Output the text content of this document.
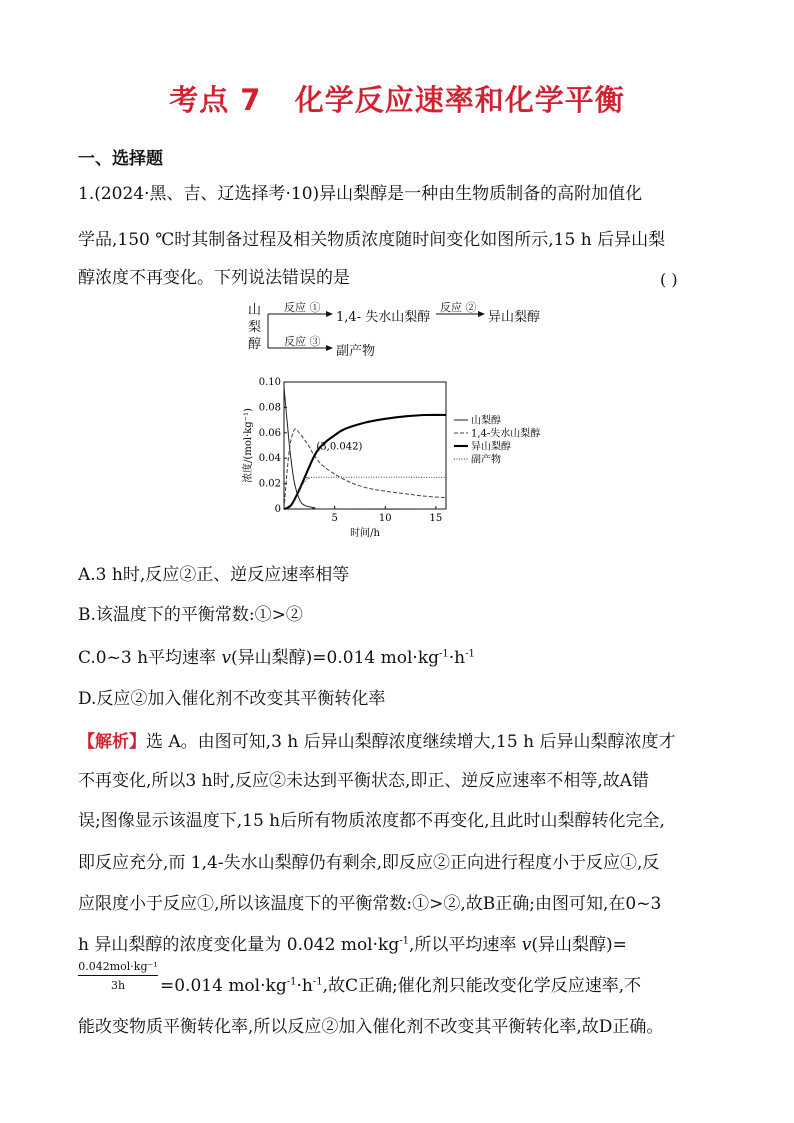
考点 7 化学反应速率和化学平衡
一、选择题
1.(2024·黑、吉、辽选择考·10)异山梨醇是一种由生物质制备的高附加值化
学品,150 ℃时其制备过程及相关物质浓度随时间变化如图所示,15 h 后异山梨
醇浓度不再变化。下列说法错误的是	( )
山
梨
醇
反应 ①
反应 ③
反应 ②
1,4- 失水山梨醇	异山梨醇
副产物
0
0.02
0.04
0.06
0.08
0.10
5	10	15
时间/h
浓度/(mol·kg⁻¹)	(3,0.042)
山梨醇
1,4-失水山梨醇
异山梨醇
副产物
A.3 h时,反应②正、逆反应速率相等
B.该温度下的平衡常数:①>②
C.0~3 h平均速率 v(异山梨醇)=0.014 $mol\cdot kg^{-1}\cdot h^{-1}$
D.反应②加入催化剂不改变其平衡转化率
【解析】选 A。由图可知,3 h 后异山梨醇浓度继续增大,15 h 后异山梨醇浓度才
不再变化,所以3 h时,反应②未达到平衡状态,即正、逆反应速率不相等,故A错
误;图像显示该温度下,15 h后所有物质浓度都不再变化,且此时山梨醇转化完全,
即反应充分,而 1,4-失水山梨醇仍有剩余,即反应②正向进行程度小于反应①,反
应限度小于反应①,所以该温度下的平衡常数:①>②,故B正确;由图可知,在0~3
h 异山梨醇的浓度变化量为 0.042 $mol\cdot kg^{-1}$,所以平均速率 v(异山梨醇)=
0.042mol·kg⁻¹
3h	=0.014 $mol\cdot kg^{-1}\cdot h^{-1}$,故C正确;催化剂只能改变化学反应速率,不
能改变物质平衡转化率,所以反应②加入催化剂不改变其平衡转化率,故D正确。
